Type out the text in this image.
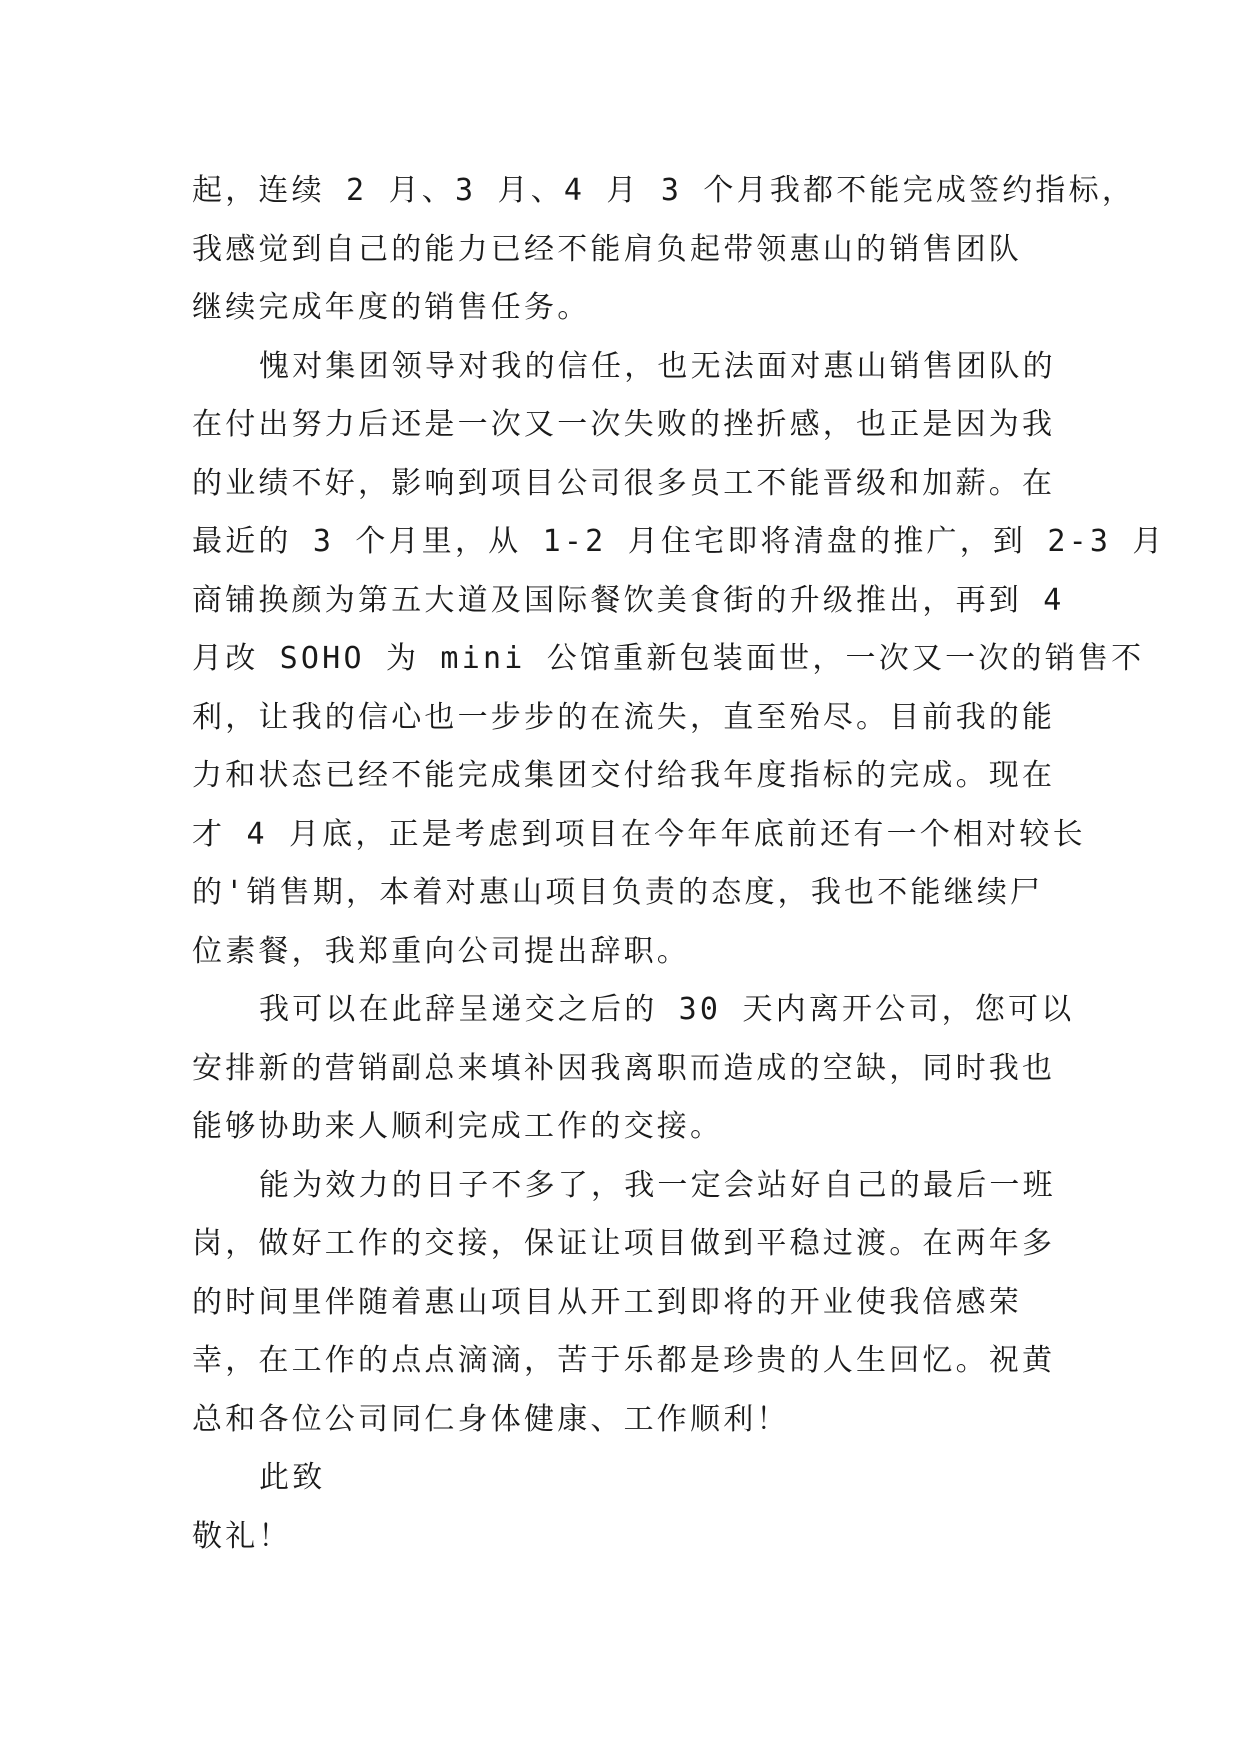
起，连续 2 月、3 月、4 月 3 个月我都不能完成签约指标，
我感觉到自己的能力已经不能肩负起带领惠山的销售团队
继续完成年度的销售任务。
愧对集团领导对我的信任，也无法面对惠山销售团队的
在付出努力后还是一次又一次失败的挫折感，也正是因为我
的业绩不好，影响到项目公司很多员工不能晋级和加薪。在
最近的 3 个月里，从 1-2 月住宅即将清盘的推广，到 2-3 月
商铺换颜为第五大道及国际餐饮美食街的升级推出，再到 4
月改 SOHO 为 mini 公馆重新包装面世，一次又一次的销售不
利，让我的信心也一步步的在流失，直至殆尽。目前我的能
力和状态已经不能完成集团交付给我年度指标的完成。现在
才 4 月底，正是考虑到项目在今年年底前还有一个相对较长
的'销售期，本着对惠山项目负责的态度，我也不能继续尸
位素餐，我郑重向公司提出辞职。
我可以在此辞呈递交之后的 30 天内离开公司，您可以
安排新的营销副总来填补因我离职而造成的空缺，同时我也
能够协助来人顺利完成工作的交接。
能为效力的日子不多了，我一定会站好自己的最后一班
岗，做好工作的交接，保证让项目做到平稳过渡。在两年多
的时间里伴随着惠山项目从开工到即将的开业使我倍感荣
幸，在工作的点点滴滴，苦于乐都是珍贵的人生回忆。祝黄
总和各位公司同仁身体健康、工作顺利！
此致
敬礼！
